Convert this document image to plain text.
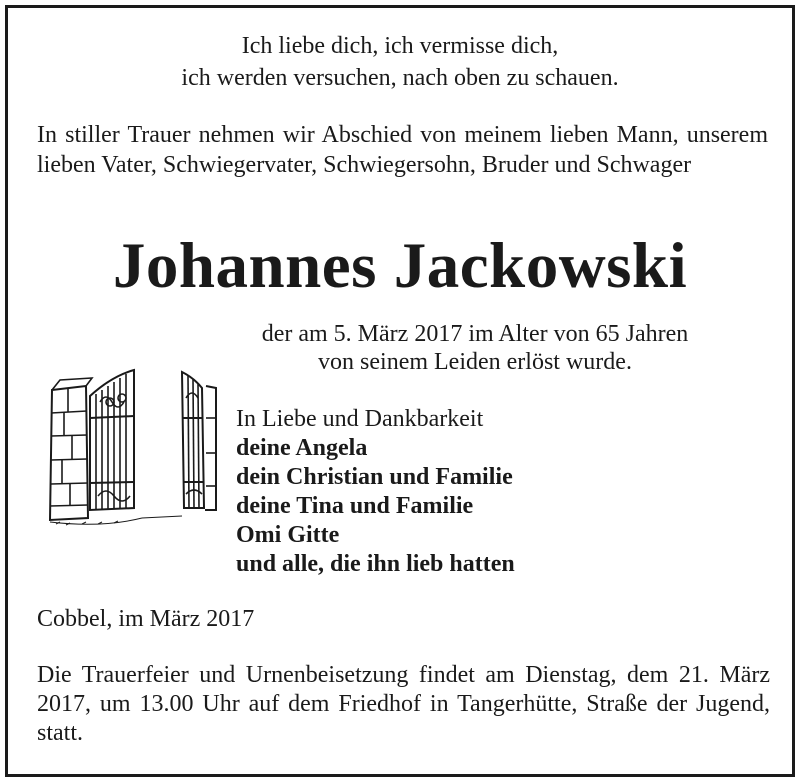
Ich liebe dich, ich vermisse dich,
ich werden versuchen, nach oben zu schauen.
In stiller Trauer nehmen wir Abschied von meinem lieben Mann, unserem lieben Vater, Schwiegervater, Schwiegersohn, Bruder und Schwager
Johannes Jackowski
der am 5. März 2017 im Alter von 65 Jahren
von seinem Leiden erlöst wurde.
In Liebe und Dankbarkeit
deine Angela
dein Christian und Familie
deine Tina und Familie
Omi Gitte
und alle, die ihn lieb hatten
Cobbel, im März 2017
Die Trauerfeier und Urnenbeisetzung findet am Dienstag, dem 21. März 2017, um 13.00 Uhr auf dem Friedhof in Tangerhütte, Straße der Jugend, statt.
